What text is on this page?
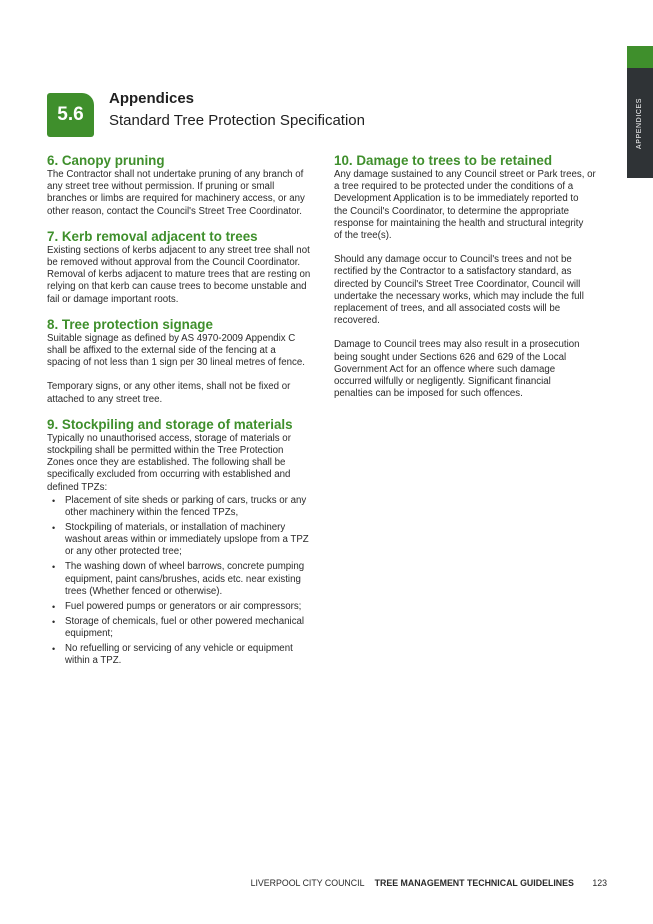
APPENDICES
5.6
Appendices
Standard Tree Protection Specification
6. Canopy pruning

The Contractor shall not undertake pruning of any branch of
any street tree without permission. If pruning or small
branches or limbs are required for machinery access, or any
other reason, contact the Council's Street Tree Coordinator.

7. Kerb removal adjacent to trees

Existing sections of kerbs adjacent to any street tree shall not
be removed without approval from the Council Coordinator.
Removal of kerbs adjacent to mature trees that are resting on
relying on that kerb can cause trees to become unstable and
fail or damage important roots.

8. Tree protection signage

Suitable signage as defined by AS 4970-2009 Appendix C
shall be affixed to the external side of the fencing at a
spacing of not less than 1 sign per 30 lineal metres of fence.

Temporary signs, or any other items, shall not be fixed or
attached to any street tree.

9. Stockpiling and storage of materials

Typically no unauthorised access, storage of materials or
stockpiling shall be permitted within the Tree Protection
Zones once they are established. The following shall be
specifically excluded from occurring with established and
defined TPZs:

• Placement of site sheds or parking of cars, trucks or any
other machinery within the fenced TPZs,
• Stockpiling of materials, or installation of machinery
washout areas within or immediately upslope from a TPZ
or any other protected tree;
• The washing down of wheel barrows, concrete pumping
equipment, paint cans/brushes, acids etc. near existing
trees (Whether fenced or otherwise).
• Fuel powered pumps or generators or air compressors;
• Storage of chemicals, fuel or other powered mechanical
equipment;
• No refuelling or servicing of any vehicle or equipment
within a TPZ.
10. Damage to trees to be retained

Any damage sustained to any Council street or Park trees, or
a tree required to be protected under the conditions of a
Development Application is to be immediately reported to
the Council's Coordinator, to determine the appropriate
response for maintaining the health and structural integrity
of the tree(s).

Should any damage occur to Council's trees and not be
rectified by the Contractor to a satisfactory standard, as
directed by Council's Street Tree Coordinator, Council will
undertake the necessary works, which may include the full
replacement of trees, and all associated costs will be
recovered.

Damage to Council trees may also result in a prosecution
being sought under Sections 626 and 629 of the Local
Government Act for an offence where such damage
occurred wilfully or negligently. Significant financial
penalties can be imposed for such offences.

LIVERPOOL CITY COUNCIL TREE MANAGEMENT TECHNICAL GUIDELINES 123
